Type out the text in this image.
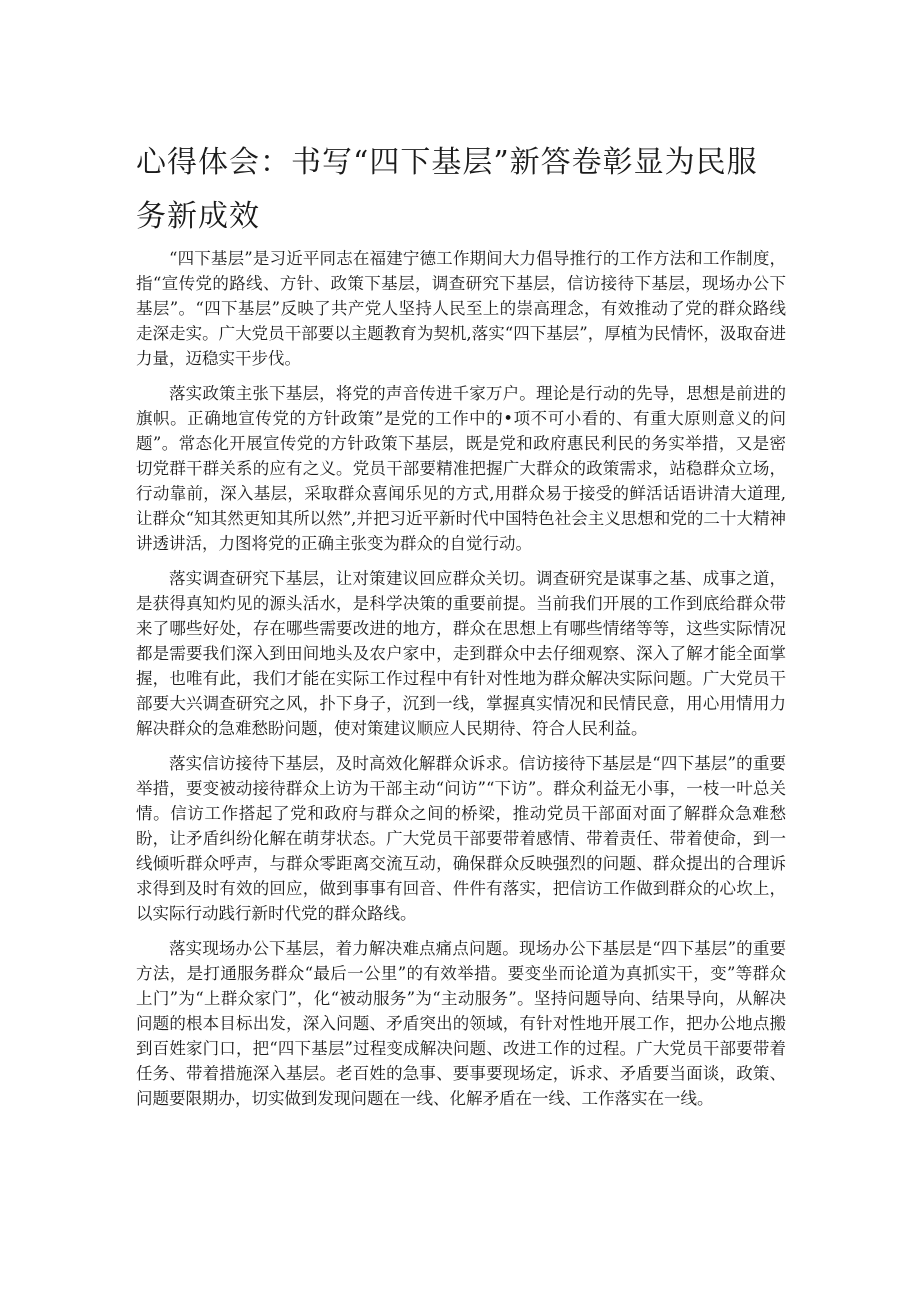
心得体会：书写“四下基层”新答卷彰显为民服务新成效

“四下基层”是习近平同志在福建宁德工作期间大力倡导推行的工作方法和工作制度，指“宣传党的路线、方针、政策下基层，调查研究下基层，信访接待下基层，现场办公下基层”。“四下基层”反映了共产党人坚持人民至上的崇高理念，有效推动了党的群众路线走深走实。广大党员干部要以主题教育为契机,落实“四下基层”，厚植为民情怀，汲取奋进力量，迈稳实干步伐。

落实政策主张下基层，将党的声音传进千家万户。理论是行动的先导，思想是前进的旗帜。正确地宣传党的方针政策”是党的工作中的•项不可小看的、有重大原则意义的问题”。常态化开展宣传党的方针政策下基层，既是党和政府惠民利民的务实举措，又是密切党群干群关系的应有之义。党员干部要精准把握广大群众的政策需求，站稳群众立场，行动靠前，深入基层，采取群众喜闻乐见的方式,用群众易于接受的鲜活话语讲清大道理,让群众“知其然更知其所以然”,并把习近平新时代中国特色社会主义思想和党的二十大精神讲透讲活，力图将党的正确主张变为群众的自觉行动。

落实调查研究下基层，让对策建议回应群众关切。调查研究是谋事之基、成事之道，是获得真知灼见的源头活水，是科学决策的重要前提。当前我们开展的工作到底给群众带来了哪些好处，存在哪些需要改进的地方，群众在思想上有哪些情绪等等，这些实际情况都是需要我们深入到田间地头及农户家中，走到群众中去仔细观察、深入了解才能全面掌握，也唯有此，我们才能在实际工作过程中有针对性地为群众解决实际问题。广大党员干部要大兴调查研究之风，扑下身子，沉到一线，掌握真实情况和民情民意，用心用情用力解决群众的急难愁盼问题，使对策建议顺应人民期待、符合人民利益。

落实信访接待下基层，及时高效化解群众诉求。信访接待下基层是“四下基层”的重要举措，要变被动接待群众上访为干部主动“问访”“下访”。群众利益无小事，一枝一叶总关情。信访工作搭起了党和政府与群众之间的桥梁，推动党员干部面对面了解群众急难愁盼，让矛盾纠纷化解在萌芽状态。广大党员干部要带着感情、带着责任、带着使命，到一线倾听群众呼声，与群众零距离交流互动，确保群众反映强烈的问题、群众提出的合理诉求得到及时有效的回应，做到事事有回音、件件有落实，把信访工作做到群众的心坎上，以实际行动践行新时代党的群众路线。

落实现场办公下基层，着力解决难点痛点问题。现场办公下基层是“四下基层”的重要方法，是打通服务群众“最后一公里”的有效举措。要变坐而论道为真抓实干，变”等群众上门”为“上群众家门”，化“被动服务”为“主动服务”。坚持问题导向、结果导向，从解决问题的根本目标出发，深入问题、矛盾突出的领域，有针对性地开展工作，把办公地点搬到百姓家门口，把“四下基层”过程变成解决问题、改进工作的过程。广大党员干部要带着任务、带着措施深入基层。老百姓的急事、要事要现场定，诉求、矛盾要当面谈，政策、问题要限期办，切实做到发现问题在一线、化解矛盾在一线、工作落实在一线。
